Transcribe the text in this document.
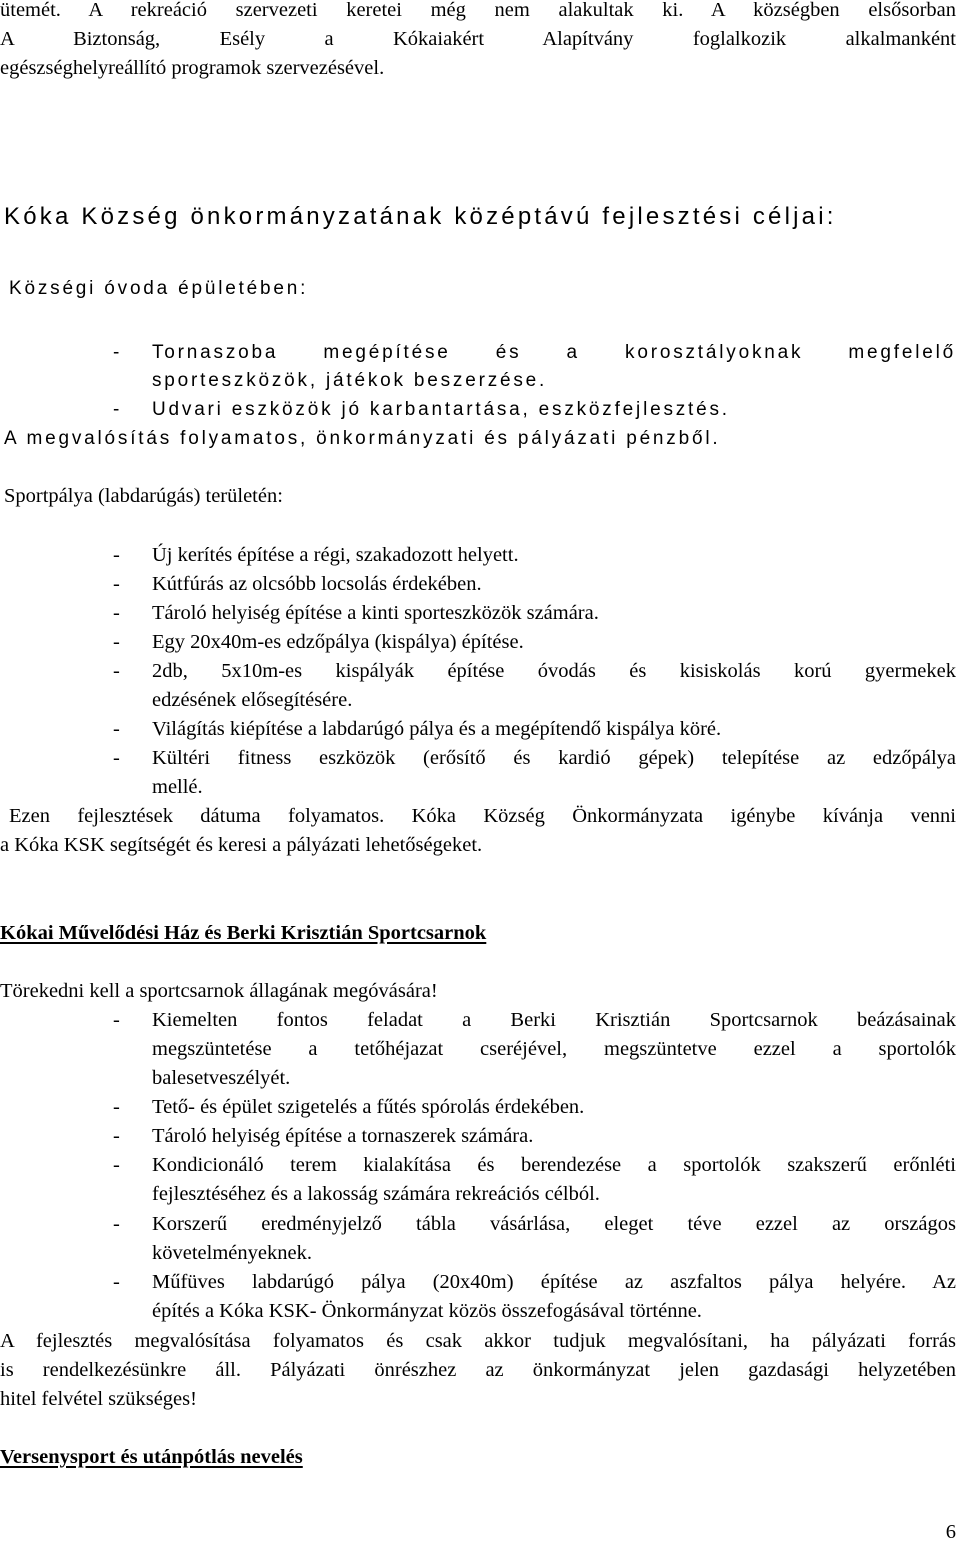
ütemét. A rekreáció szervezeti keretei még nem alakultak ki. A községben elsősorban
A Biztonság, Esély a Kókaiakért Alapítvány foglalkozik alkalmanként
egészséghelyreállító programok szervezésével.
Kóka Község önkormányzatának középtávú fejlesztési céljai:
Községi óvoda épületében:
- Tornaszoba megépítése és a korosztályoknak megfelelő
sporteszközök, játékok beszerzése.
- Udvari eszközök jó karbantartása, eszközfejlesztés.
A megvalósítás folyamatos, önkormányzati és pályázati pénzből.
Sportpálya (labdarúgás) területén:
- Új kerítés építése a régi, szakadozott helyett.
- Kútfúrás az olcsóbb locsolás érdekében.
- Tároló helyiség építése a kinti sporteszközök számára.
- Egy 20x40m-es edzőpálya (kispálya) építése.
- 2db, 5x10m-es kispályák építése óvodás és kisiskolás korú gyermekek
edzésének elősegítésére.
- Világítás kiépítése a labdarúgó pálya és a megépítendő kispálya köré.
- Kültéri fitness eszközök (erősítő és kardió gépek) telepítése az edzőpálya
mellé.
Ezen fejlesztések dátuma folyamatos. Kóka Község Önkormányzata igénybe kívánja venni
a Kóka KSK segítségét és keresi a pályázati lehetőségeket.
Kókai Művelődési Ház és Berki Krisztián Sportcsarnok
Törekedni kell a sportcsarnok állagának megóvására!
- Kiemelten fontos feladat a Berki Krisztián Sportcsarnok beázásainak
megszüntetése a tetőhéjazat cseréjével, megszüntetve ezzel a sportolók
balesetveszélyét.
- Tető- és épület szigetelés a fűtés spórolás érdekében.
- Tároló helyiség építése a tornaszerek számára.
- Kondicionáló terem kialakítása és berendezése a sportolók szakszerű erőnléti
fejlesztéséhez és a lakosság számára rekreációs célból.
- Korszerű eredményjelző tábla vásárlása, eleget téve ezzel az országos
követelményeknek.
- Műfüves labdarúgó pálya (20x40m) építése az aszfaltos pálya helyére. Az
építés a Kóka KSK- Önkormányzat közös összefogásával történne.
A fejlesztés megvalósítása folyamatos és csak akkor tudjuk megvalósítani, ha pályázati forrás
is rendelkezésünkre áll. Pályázati önrészhez az önkormányzat jelen gazdasági helyzetében
hitel felvétel szükséges!
Versenysport és utánpótlás nevelés
6
